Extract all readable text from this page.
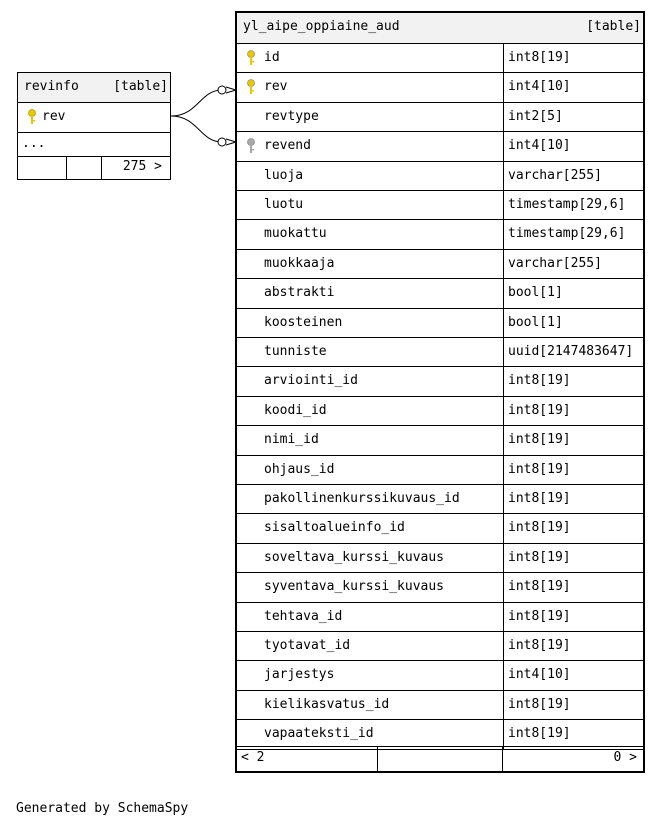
revinfo	[table]
rev
...
275 >
yl_aipe_oppiaine_aud	[table]
id	int8[19]
rev	int4[10]
revtype	int2[5]
revend	int4[10]
luoja	varchar[255]
luotu	timestamp[29,6]
muokattu	timestamp[29,6]
muokkaaja	varchar[255]
abstrakti	bool[1]
koosteinen	bool[1]
tunniste	uuid[2147483647]
arviointi_id	int8[19]
koodi_id	int8[19]
nimi_id	int8[19]
ohjaus_id	int8[19]
pakollinenkurssikuvaus_id	int8[19]
sisaltoalueinfo_id	int8[19]
soveltava_kurssi_kuvaus	int8[19]
syventava_kurssi_kuvaus	int8[19]
tehtava_id	int8[19]
tyotavat_id	int8[19]
jarjestys	int4[10]
kielikasvatus_id	int8[19]
vapaateksti_id	int8[19]
< 2	0 >
Generated by SchemaSpy
